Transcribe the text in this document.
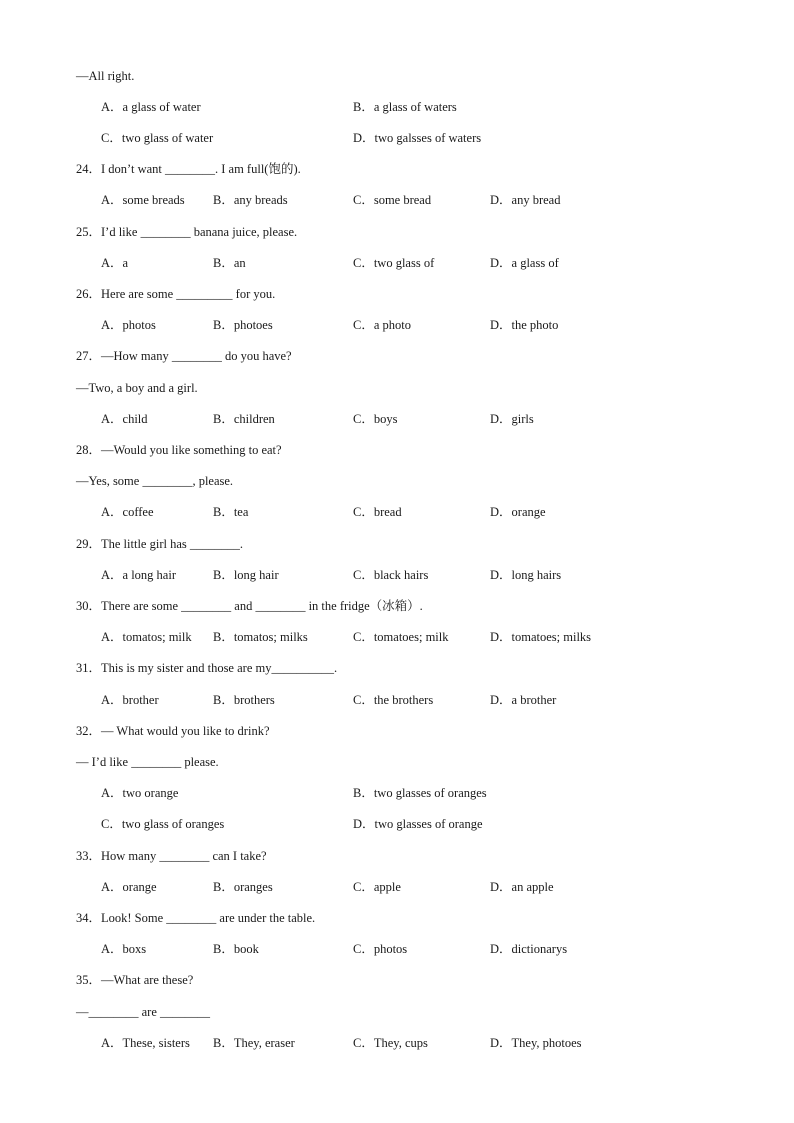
—All right.
A．a glass of water	B．a glass of waters
C．two glass of water	D．two galsses of waters
24．I don’t want ________. I am full(饱的).
A．some breads B．any breads	C．some bread	D．any bread
25．I’d like ________ banana juice, please.
A．a	B．an	C．two glass of	D．a glass of
26．Here are some _________ for you.
A．photos	B．photoes	C．a photo	D．the photo
27．—How many ________ do you have?
—Two, a boy and a girl.
A．child	B．children	C．boys	D．girls
28．—Would you like something to eat?
—Yes, some ________, please.
A．coffee	B．tea	C．bread	D．orange
29．The little girl has ________.
A．a long hair	B．long hair	C．black hairs	D．long hairs
30．There are some ________ and ________ in the fridge（冰箱）.
A．tomatos; milk B．tomatos; milks	C．tomatoes; milk	D．tomatoes; milks
31．This is my sister and those are my__________.
A．brother	B．brothers	C．the brothers	D．a brother
32．— What would you like to drink?
— I’d like ________ please.
A．two orange	B．two glasses of oranges
C．two glass of oranges	D．two glasses of orange
33．How many ________ can I take?
A．orange	B．oranges	C．apple	D．an apple
34．Look! Some ________ are under the table.
A．boxs	B．book	C．photos	D．dictionarys
35．—What are these?
—________ are ________
A．These, sisters B．They, eraser	C．They, cups	D．They, photoes
